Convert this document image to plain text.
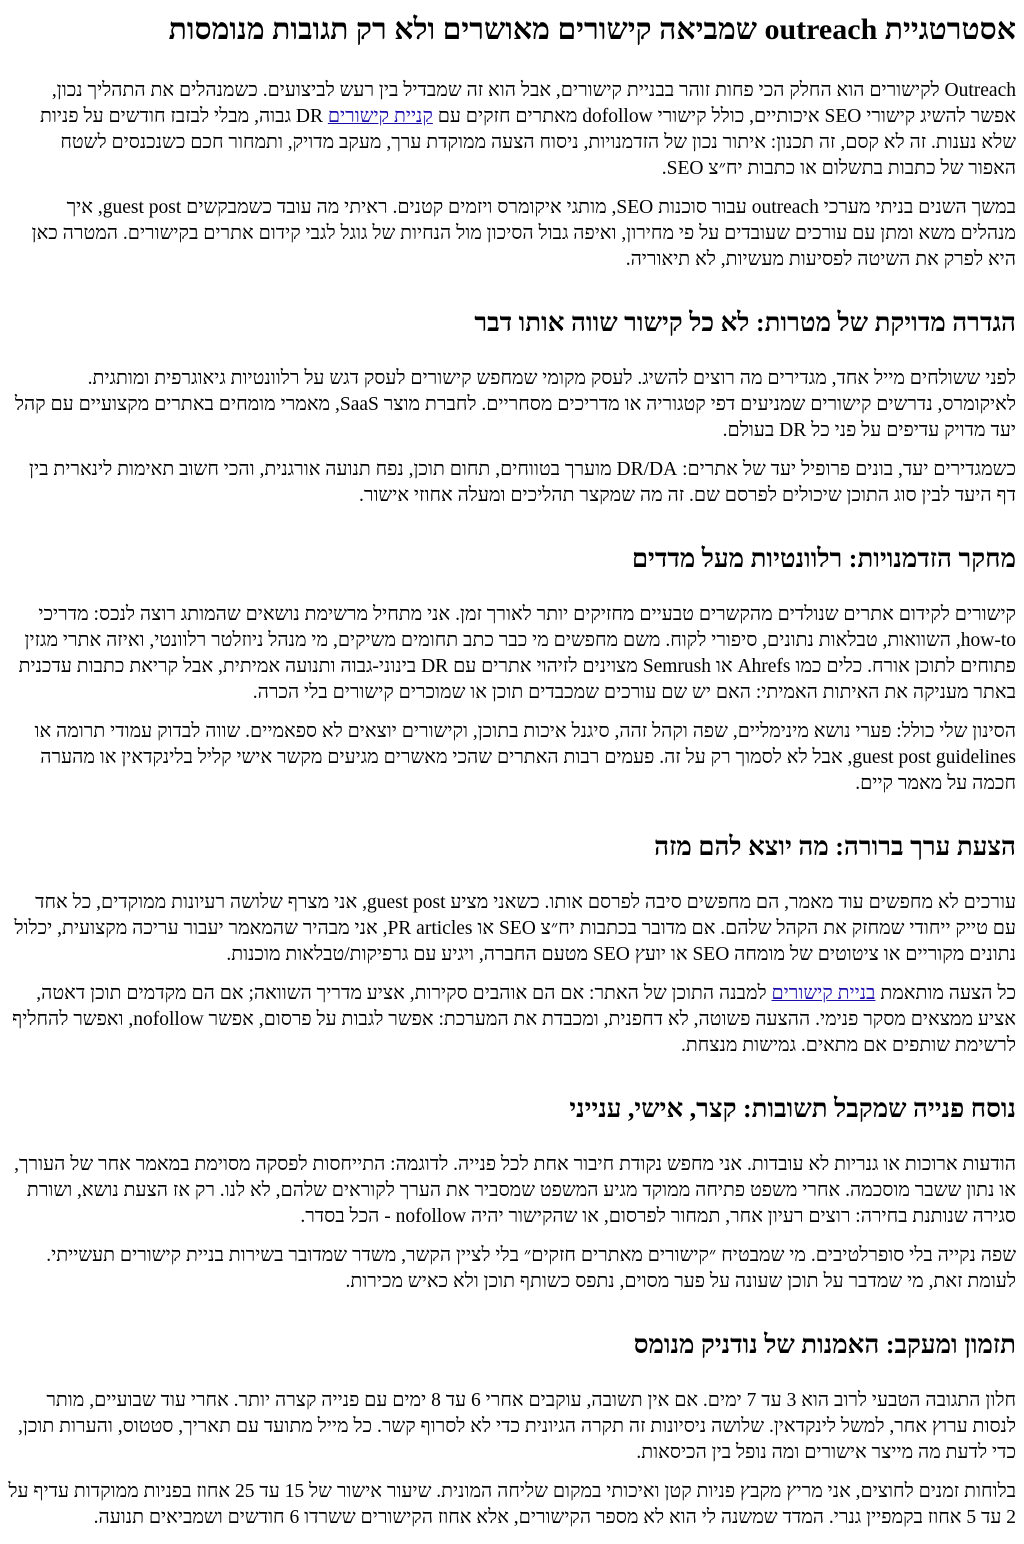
אסטרטגיית outreach שמביאה קישורים מאושרים ולא רק תגובות מנומסות

Outreach לקישורים הוא החלק הכי פחות זוהר בבניית קישורים, אבל הוא זה שמבדיל בין רעש לביצועים. כשמנהלים את התהליך נכון, אפשר להשיג קישורי SEO איכותיים, כולל קישורי dofollow מאתרים חזקים עם קניית קישורים DR גבוה, מבלי לבזבז חודשים על פניות שלא נענות. זה לא קסם, זה תכנון: איתור נכון של הזדמנויות, ניסוח הצעה ממוקדת ערך, מעקב מדויק, ותמחור חכם כשנכנסים לשטח האפור של כתבות בתשלום או כתבות יח״צ SEO.

במשך השנים בניתי מערכי outreach עבור סוכנות SEO, מותגי איקומרס ויזמים קטנים. ראיתי מה עובד כשמבקשים guest post, איך מנהלים משא ומתן עם עורכים שעובדים על פי מחירון, ואיפה גבול הסיכון מול הנחיות של גוגל לגבי קידום אתרים בקישורים. המטרה כאן היא לפרק את השיטה לפסיעות מעשיות, לא תיאוריה.

הגדרה מדויקת של מטרות: לא כל קישור שווה אותו דבר

לפני ששולחים מייל אחד, מגדירים מה רוצים להשיג. לעסק מקומי שמחפש קישורים לעסק דגש על רלוונטיות גיאוגרפית ומותגית. לאיקומרס, נדרשים קישורים שמניעים דפי קטגוריה או מדריכים מסחריים. לחברת מוצר SaaS, מאמרי מומחים באתרים מקצועיים עם קהל יעד מדויק עדיפים על פני כל DR בעולם.

כשמגדירים יעד, בונים פרופיל יעד של אתרים: DR/DA מוערך בטווחים, תחום תוכן, נפח תנועה אורגנית, והכי חשוב תאימות לינארית בין דף היעד לבין סוג התוכן שיכולים לפרסם שם. זה מה שמקצר תהליכים ומעלה אחוזי אישור.

מחקר הזדמנויות: רלוונטיות מעל מדדים

קישורים לקידום אתרים שנולדים מהקשרים טבעיים מחזיקים יותר לאורך זמן. אני מתחיל מרשימת נושאים שהמותג רוצה לנכס: מדריכי how-to, השוואות, טבלאות נתונים, סיפורי לקוח. משם מחפשים מי כבר כתב תחומים משיקים, מי מנהל ניוזלטר רלוונטי, ואיזה אתרי מגזין פתוחים לתוכן אורח. כלים כמו Ahrefs או Semrush מצוינים לזיהוי אתרים עם DR בינוני-גבוה ותנועה אמיתית, אבל קריאת כתבות עדכנית באתר מעניקה את האיתות האמיתי: האם יש שם עורכים שמכבדים תוכן או שמוכרים קישורים בלי הכרה.

הסינון שלי כולל: פערי נושא מינימליים, שפה וקהל זהה, סיגנל איכות בתוכן, וקישורים יוצאים לא ספאמיים. שווה לבדוק עמודי תרומה או guest post guidelines, אבל לא לסמוך רק על זה. פעמים רבות האתרים שהכי מאשרים מגיעים מקשר אישי קליל בלינקדאין או מהערה חכמה על מאמר קיים.

הצעת ערך ברורה: מה יוצא להם מזה

עורכים לא מחפשים עוד מאמר, הם מחפשים סיבה לפרסם אותו. כשאני מציע guest post, אני מצרף שלושה רעיונות ממוקדים, כל אחד עם טייק ייחודי שמחזק את הקהל שלהם. אם מדובר בכתבות יח״צ SEO או PR articles, אני מבהיר שהמאמר יעבור עריכה מקצועית, יכלול נתונים מקוריים או ציטוטים של מומחה SEO או יועץ SEO מטעם החברה, ויגיע עם גרפיקות/טבלאות מוכנות.

כל הצעה מותאמת בניית קישורים למבנה התוכן של האתר: אם הם אוהבים סקירות, אציע מדריך השוואה; אם הם מקדמים תוכן דאטה, אציע ממצאים מסקר פנימי. ההצעה פשוטה, לא דחפנית, ומכבדת את המערכת: אפשר לגבות על פרסום, אפשר nofollow, ואפשר להחליף לרשימת שותפים אם מתאים. גמישות מנצחת.

נוסח פנייה שמקבל תשובות: קצר, אישי, ענייני

הודעות ארוכות או גנריות לא עובדות. אני מחפש נקודת חיבור אחת לכל פנייה. לדוגמה: התייחסות לפסקה מסוימת במאמר אחר של העורך, או נתון ששבר מוסכמה. אחרי משפט פתיחה ממוקד מגיע המשפט שמסביר את הערך לקוראים שלהם, לא לנו. רק אז הצעת נושא, ושורת סגירה שנותנת בחירה: רוצים רעיון אחר, תמחור לפרסום, או שהקישור יהיה nofollow - הכל בסדר.

שפה נקייה בלי סופרלטיבים. מי שמבטיח ״קישורים מאתרים חזקים״ בלי לציין הקשר, משדר שמדובר בשירות בניית קישורים תעשייתי. לעומת זאת, מי שמדבר על תוכן שעונה על פער מסוים, נתפס כשותף תוכן ולא כאיש מכירות.

תזמון ומעקב: האמנות של נודניק מנומס

חלון התגובה הטבעי לרוב הוא 3 עד 7 ימים. אם אין תשובה, עוקבים אחרי 6 עד 8 ימים עם פנייה קצרה יותר. אחרי עוד שבועיים, מותר לנסות ערוץ אחר, למשל לינקדאין. שלושה ניסיונות זה תקרה הגיונית כדי לא לסרוף קשר. כל מייל מתועד עם תאריך, סטטוס, והערות תוכן, כדי לדעת מה מייצר אישורים ומה נופל בין הכיסאות.

בלוחות זמנים לחוצים, אני מריץ מקבץ פניות קטן ואיכותי במקום שליחה המונית. שיעור אישור של 15 עד 25 אחוז בפניות ממוקדות עדיף על 2 עד 5 אחוז בקמפיין גנרי. המדד שמשנה לי הוא לא מספר הקישורים, אלא אחוז הקישורים ששרדו 6 חודשים ושמביאים תנועה.
